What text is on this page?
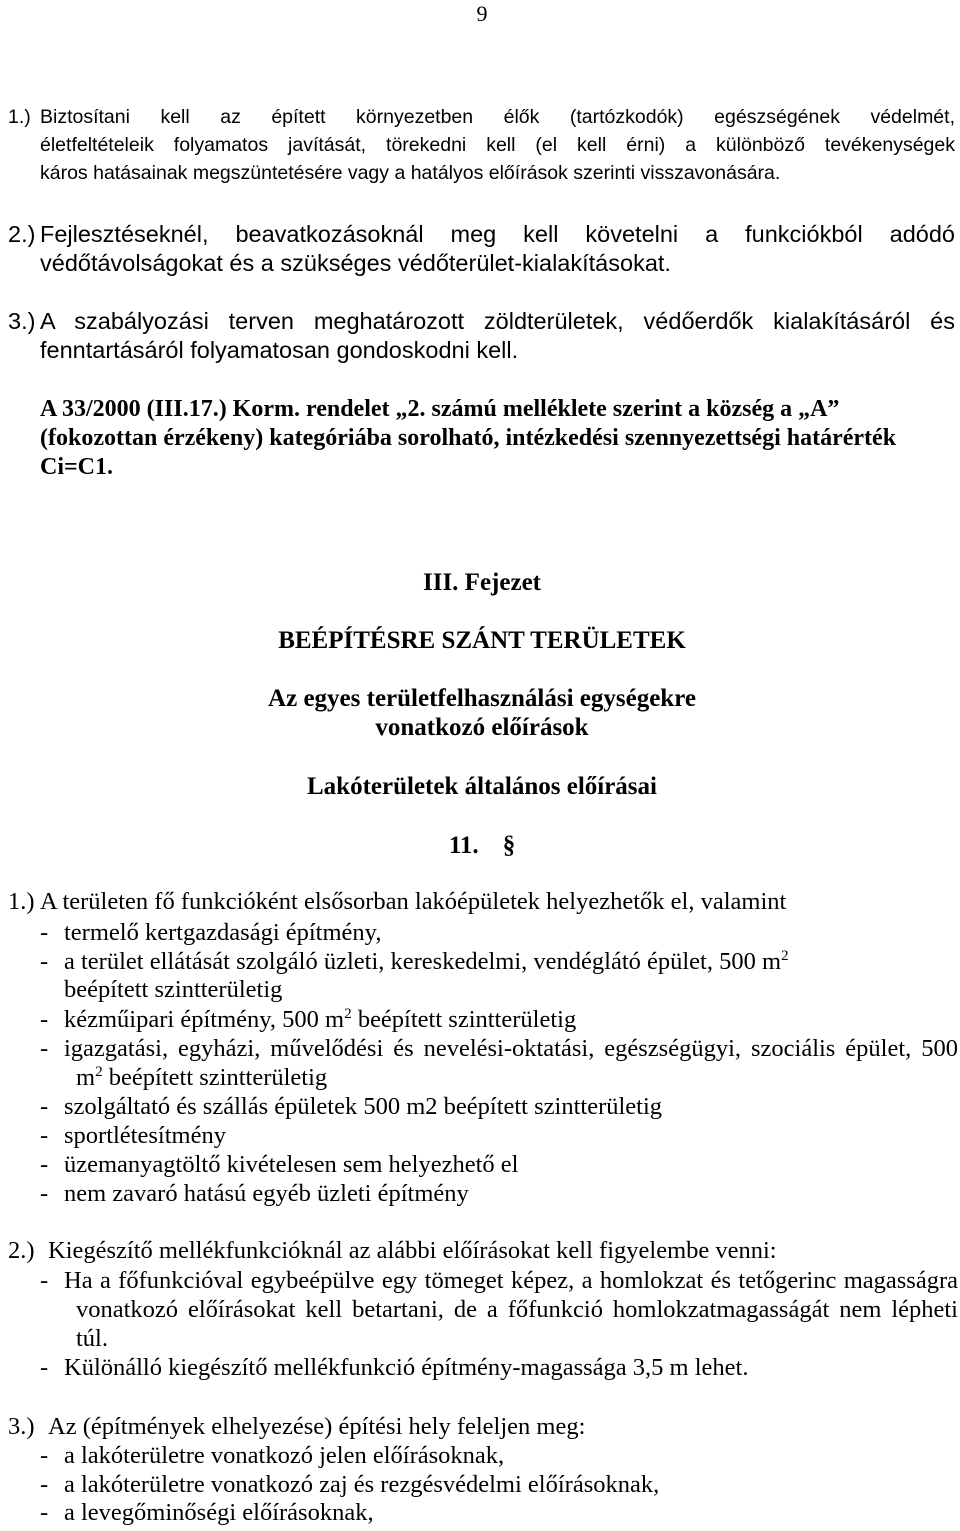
9
1.) Biztosítani kell az épített környezetben élők (tartózkodók) egészségének védelmét,
életfeltételeik folyamatos javítását, törekedni kell (el kell érni) a különböző tevékenységek
káros hatásainak megszüntetésére vagy a hatályos előírások szerinti visszavonására.
2.) Fejlesztéseknél, beavatkozásoknál meg kell követelni a funkciókból adódó
védőtávolságokat és a szükséges védőterület-kialakításokat.
3.) A szabályozási terven meghatározott zöldterületek, védőerdők kialakításáról és
fenntartásáról folyamatosan gondoskodni kell.
A 33/2000 (III.17.) Korm. rendelet „2. számú melléklete szerint a község a „A”
(fokozottan érzékeny) kategóriába sorolható, intézkedési szennyezettségi határérték
Ci=C1.
III. Fejezet
BEÉPÍTÉSRE SZÁNT TERÜLETEK
Az egyes területfelhasználási egységekre
vonatkozó előírások
Lakóterületek általános előírásai
11. §
1.) A területen fő funkcióként elsősorban lakóépületek helyezhetők el, valamint
- termelő kertgazdasági építmény,
- a terület ellátását szolgáló üzleti, kereskedelmi, vendéglátó épület, 500 $m^2$
beépített szintterületig
- kézműipari építmény, 500 $m^2$ beépített szintterületig
- igazgatási, egyházi, művelődési és nevelési-oktatási, egészségügyi, szociális épület, 500
$m^2$ beépített szintterületig
- szolgáltató és szállás épületek 500 m2 beépített szintterületig
- sportlétesítmény
- üzemanyagtöltő kivételesen sem helyezhető el
- nem zavaró hatású egyéb üzleti építmény
2.) Kiegészítő mellékfunkcióknál az alábbi előírásokat kell figyelembe venni:
- Ha a főfunkcióval egybeépülve egy tömeget képez, a homlokzat és tetőgerinc magasságra
vonatkozó előírásokat kell betartani, de a főfunkció homlokzatmagasságát nem lépheti
túl.
- Különálló kiegészítő mellékfunkció építmény-magassága 3,5 m lehet.
3.) Az (építmények elhelyezése) építési hely feleljen meg:
- a lakóterületre vonatkozó jelen előírásoknak,
- a lakóterületre vonatkozó zaj és rezgésvédelmi előírásoknak,
- a levegőminőségi előírásoknak,
